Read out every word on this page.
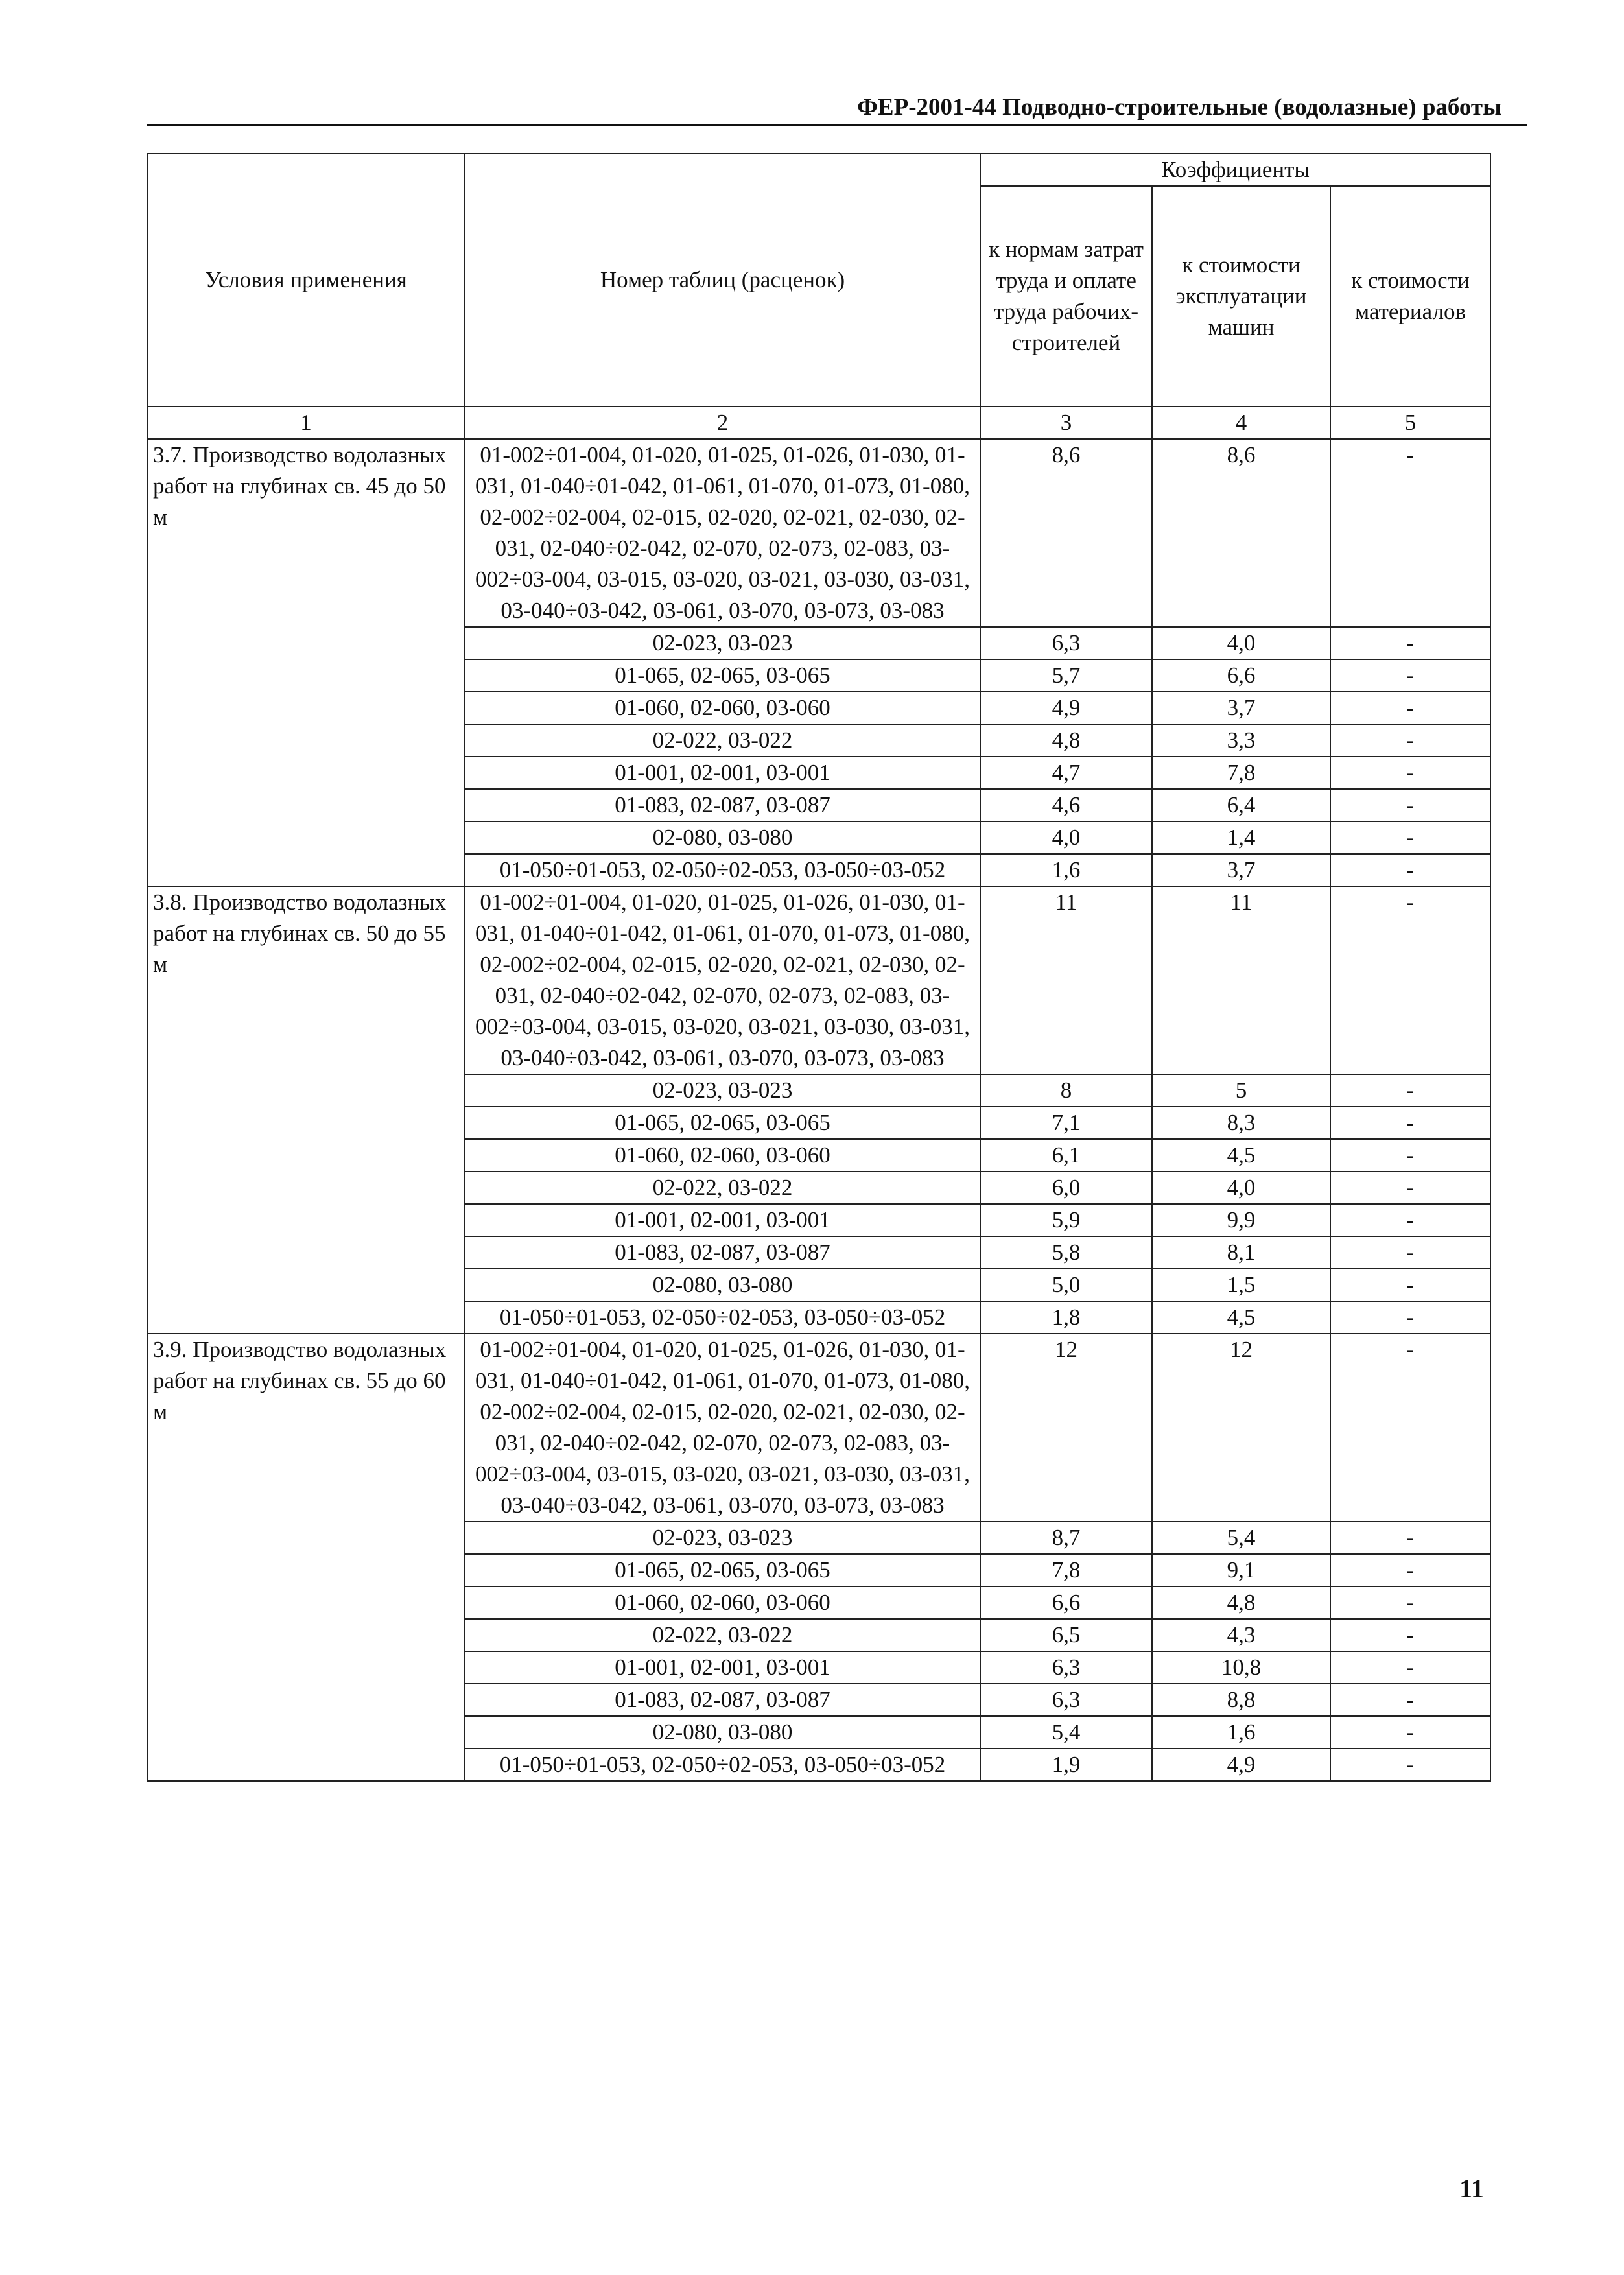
ФЕР-2001-44 Подводно-строительные (водолазные) работы
Условия применения	Номер таблиц (расценок)	Коэффициенты		
		к нормам затрат труда и оплате труда рабочих-строителей	к стоимости эксплуатации машин	к стоимости материалов
1	2	3	4	5
3.7. Производство водолазных работ на глубинах св. 45 до 50 м	01-002÷01-004, 01-020, 01-025, 01-026, 01-030, 01-031, 01-040÷01-042, 01-061, 01-070, 01-073, 01-080, 02-002÷02-004, 02-015, 02-020, 02-021, 02-030, 02-031, 02-040÷02-042, 02-070, 02-073, 02-083, 03-002÷03-004, 03-015, 03-020, 03-021, 03-030, 03-031, 03-040÷03-042, 03-061, 03-070, 03-073, 03-083	8,6	8,6	-
	02-023, 03-023	6,3	4,0	-
	01-065, 02-065, 03-065	5,7	6,6	-
	01-060, 02-060, 03-060	4,9	3,7	-
	02-022, 03-022	4,8	3,3	-
	01-001, 02-001, 03-001	4,7	7,8	-
	01-083, 02-087, 03-087	4,6	6,4	-
	02-080, 03-080	4,0	1,4	-
	01-050÷01-053, 02-050÷02-053, 03-050÷03-052	1,6	3,7	-
3.8. Производство водолазных работ на глубинах св. 50 до 55 м	01-002÷01-004, 01-020, 01-025, 01-026, 01-030, 01-031, 01-040÷01-042, 01-061, 01-070, 01-073, 01-080, 02-002÷02-004, 02-015, 02-020, 02-021, 02-030, 02-031, 02-040÷02-042, 02-070, 02-073, 02-083, 03-002÷03-004, 03-015, 03-020, 03-021, 03-030, 03-031, 03-040÷03-042, 03-061, 03-070, 03-073, 03-083	11	11	-
	02-023, 03-023	8	5	-
	01-065, 02-065, 03-065	7,1	8,3	-
	01-060, 02-060, 03-060	6,1	4,5	-
	02-022, 03-022	6,0	4,0	-
	01-001, 02-001, 03-001	5,9	9,9	-
	01-083, 02-087, 03-087	5,8	8,1	-
	02-080, 03-080	5,0	1,5	-
	01-050÷01-053, 02-050÷02-053, 03-050÷03-052	1,8	4,5	-
3.9. Производство водолазных работ на глубинах св. 55 до 60 м	01-002÷01-004, 01-020, 01-025, 01-026, 01-030, 01-031, 01-040÷01-042, 01-061, 01-070, 01-073, 01-080, 02-002÷02-004, 02-015, 02-020, 02-021, 02-030, 02-031, 02-040÷02-042, 02-070, 02-073, 02-083, 03-002÷03-004, 03-015, 03-020, 03-021, 03-030, 03-031, 03-040÷03-042, 03-061, 03-070, 03-073, 03-083	12	12	-
	02-023, 03-023	8,7	5,4	-
	01-065, 02-065, 03-065	7,8	9,1	-
	01-060, 02-060, 03-060	6,6	4,8	-
	02-022, 03-022	6,5	4,3	-
	01-001, 02-001, 03-001	6,3	10,8	-
	01-083, 02-087, 03-087	6,3	8,8	-
	02-080, 03-080	5,4	1,6	-
	01-050÷01-053, 02-050÷02-053, 03-050÷03-052	1,9	4,9	-
11
